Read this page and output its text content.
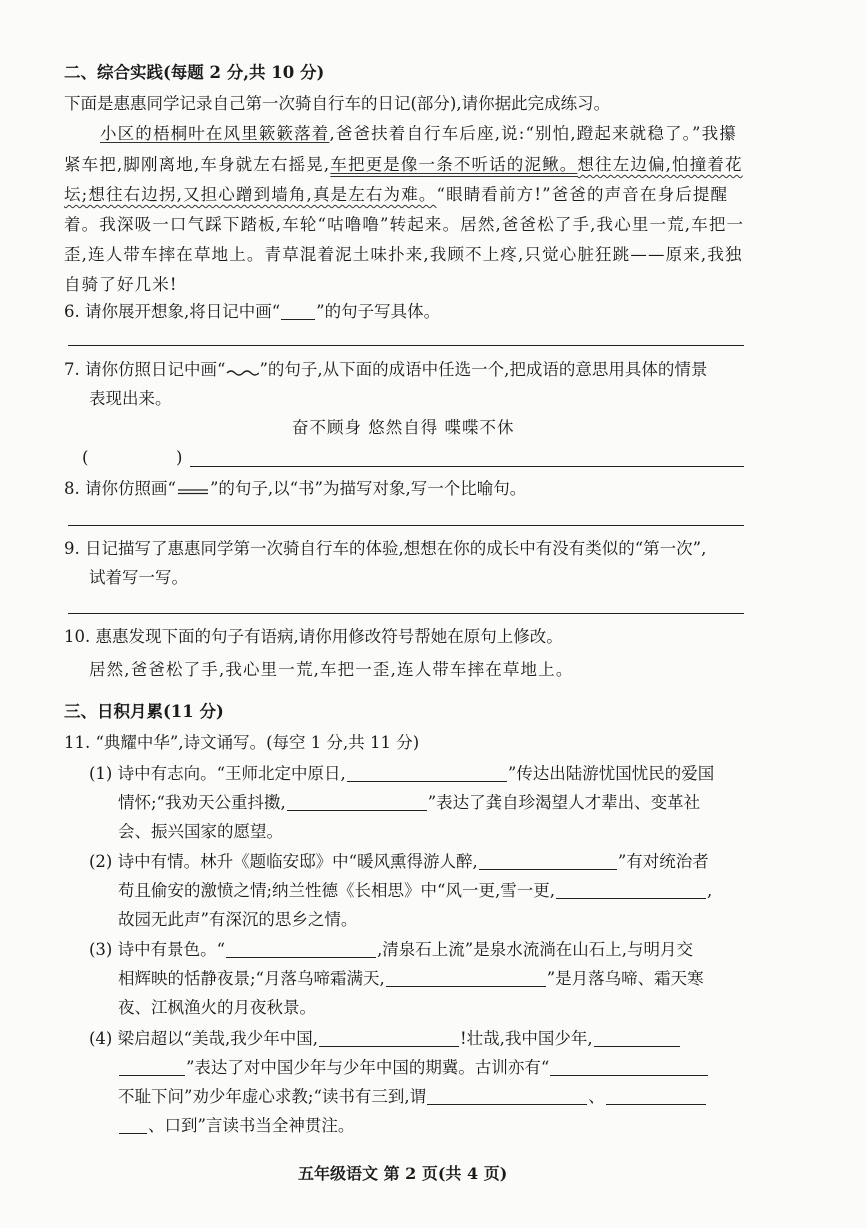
二、综合实践(每题 2 分,共 10 分)
下面是惠惠同学记录自己第一次骑自行车的日记(部分),请你据此完成练习。
小区的梧桐叶在风里簌簌落着,爸爸扶着自行车后座,说:“别怕,蹬起来就稳了。”我攥
紧车把,脚刚离地,车身就左右摇晃,车把更是像一条不听话的泥鳅。想往左边偏,怕撞着花
坛;想往右边拐,又担心蹭到墙角,真是左右为难。“眼睛看前方!”爸爸的声音在身后提醒
着。我深吸一口气踩下踏板,车轮“咕噜噜”转起来。居然,爸爸松了手,我心里一荒,车把一
歪,连人带车摔在草地上。青草混着泥土味扑来,我顾不上疼,只觉心脏狂跳——原来,我独
自骑了好几米!
6. 请你展开想象,将日记中画“ ”的句子写具体。
7. 请你仿照日记中画“ ”的句子,从下面的成语中任选一个,把成语的意思用具体的情景
表现出来。
奋不顾身 悠然自得 喋喋不休
(	)
8. 请你仿照画“ ”的句子,以“书”为描写对象,写一个比喻句。
9. 日记描写了惠惠同学第一次骑自行车的体验,想想在你的成长中有没有类似的“第一次”,
试着写一写。
10. 惠惠发现下面的句子有语病,请你用修改符号帮她在原句上修改。
居然,爸爸松了手,我心里一荒,车把一歪,连人带车摔在草地上。
三、日积月累(11 分)
11. “典耀中华”,诗文诵写。(每空 1 分,共 11 分)
(1) 诗中有志向。“王师北定中原日,	”传达出陆游忧国忧民的爱国
情怀;“我劝天公重抖擞,	”表达了龚自珍渴望人才辈出、变革社
会、振兴国家的愿望。
(2) 诗中有情。林升《题临安邸》中“暖风熏得游人醉,	”有对统治者
苟且偷安的激愤之情;纳兰性德《长相思》中“风一更,雪一更,	,
故园无此声”有深沉的思乡之情。
(3) 诗中有景色。“	,清泉石上流”是泉水流淌在山石上,与明月交
相辉映的恬静夜景;“月落乌啼霜满天,	”是月落乌啼、霜天寒
夜、江枫渔火的月夜秋景。
(4) 梁启超以“美哉,我少年中国,	!壮哉,我中国少年,
”表达了对中国少年与少年中国的期冀。古训亦有“
不耻下问”劝少年虚心求教;“读书有三到,谓	、
、口到”言读书当全神贯注。
五年级语文 第 2 页(共 4 页)
